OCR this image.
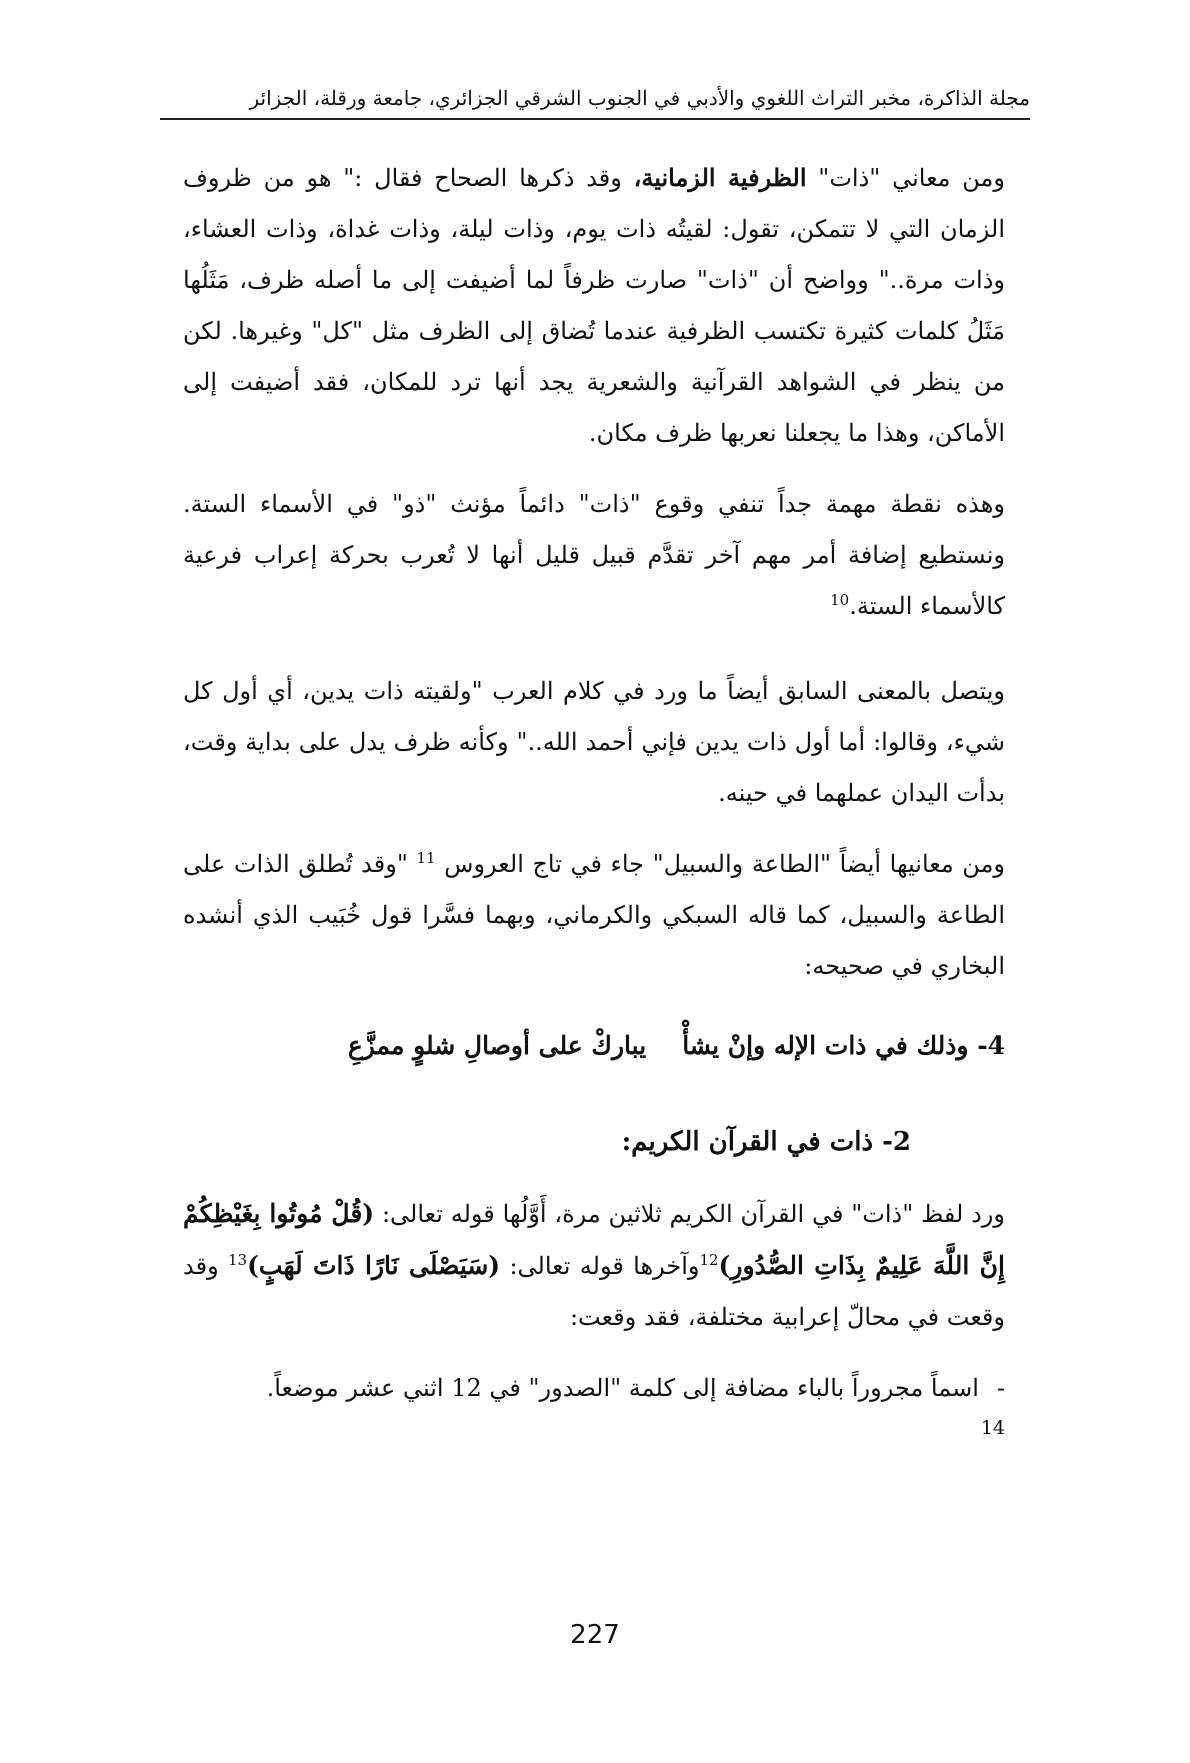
مجلة الذاكرة، مخبر التراث اللغوي والأدبي في الجنوب الشرقي الجزائري، جامعة ورقلة، الجزائر

ومن معاني "ذات" الظرفية الزمانية، وقد ذكرها الصحاح فقال :" هو من ظروف الزمان التي لا تتمكن، تقول: لقيتُه ذات يوم، وذات ليلة، وذات غداة، وذات العشاء، وذات مرة.." وواضح أن "ذات" صارت ظرفاً لما أضيفت إلى ما أصله ظرف، مَثَلُها مَثَلُ كلمات كثيرة تكتسب الظرفية عندما تُضاق إلى الظرف مثل "كل" وغيرها. لكن من ينظر في الشواهد القرآنية والشعرية يجد أنها ترد للمكان، فقد أضيفت إلى الأماكن، وهذا ما يجعلنا نعربها ظرف مكان.

وهذه نقطة مهمة جداً تنفي وقوع "ذات" دائماً مؤنث "ذو" في الأسماء الستة. ونستطيع إضافة أمر مهم آخر تقدَّم قبيل قليل أنها لا تُعرب بحركة إعراب فرعية كالأسماء الستة.$^{10}$

ويتصل بالمعنى السابق أيضاً ما ورد في كلام العرب "ولقيته ذات يدين، أي أول كل شيء، وقالوا: أما أول ذات يدين فإني أحمد الله.." وكأنه ظرف يدل على بداية وقت، بدأت اليدان عملهما في حينه.

ومن معانيها أيضاً "الطاعة والسبيل" جاء في تاج العروس $^{11}$ "وقد تُطلق الذات على الطاعة والسبيل، كما قاله السبكي والكرماني، وبهما فسَّرا قول خُبَيب الذي أنشده البخاري في صحيحه:

4- وذلك في ذات الإله وإنْ يشأْ
يباركْ على أوصالِ شلوٍ ممزَّعِ
2- ذات في القرآن الكريم:

ورد لفظ "ذات" في القرآن الكريم ثلاثين مرة، أَوَّلُها قوله تعالى: (قُلْ مُوتُوا بِغَيْظِكُمْ إِنَّ اللَّهَ عَلِيمٌ بِذَاتِ الصُّدُورِ)$^{12}$وآخرها قوله تعالى: (سَيَصْلَى نَارًا ذَاتَ لَهَبٍ)$^{13}$ وقد وقعت في محالّ إعرابية مختلفة، فقد وقعت:

-
اسماً مجروراً بالباء مضافة إلى كلمة "الصدور" في 12 اثني عشر موضعاً.

14
227
